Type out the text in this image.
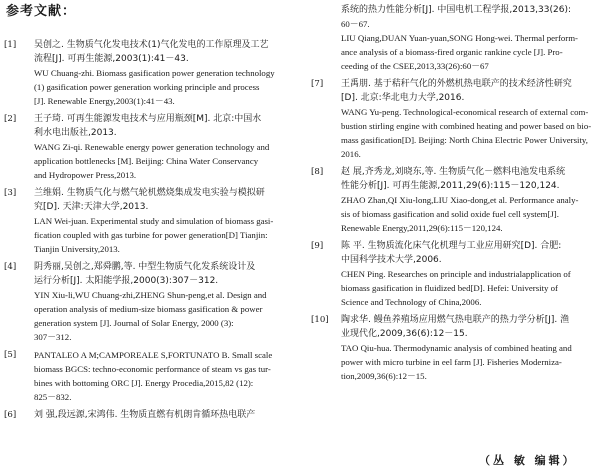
参考文献：
[1]	吴创之. 生物质气化发电技术(1)气化发电的工作原理及工艺
流程[J]. 可再生能源,2003(1):41－43.
WU Chuang-zhi. Biomass gasification power generation technology
(1) gasification power generation working principle and process
[J]. Renewable Energy,2003(1):41－43.
[2]	王子琦. 可再生能源发电技术与应用瓶颈[M]. 北京:中国水
利水电出版社,2013.
WANG Zi-qi. Renewable energy power generation technology and
application bottlenecks [M]. Beijing: China Water Conservancy
and Hydropower Press,2013.
[3]	兰维娟. 生物质气化与燃气轮机燃烧集成发电实验与模拟研
究[D]. 天津:天津大学,2013.
LAN Wei-juan. Experimental study and simulation of biomass gasi-
fication coupled with gas turbine for power generation[D] Tianjin:
Tianjin University,2013.
[4]	阴秀丽,吴创之,郑舜鹏,等. 中型生物质气化发系统设计及
运行分析[J]. 太阳能学报,2000(3):307－312.
YIN Xiu-li,WU Chuang-zhi,ZHENG Shun-peng,et al. Design and
operation analysis of medium-size biomass gasification & power
generation system [J]. Journal of Solar Energy, 2000 (3):
307－312.
[5]	PANTALEO A M;CAMPOREALE S,FORTUNATO B. Small scale
biomass BGCS: techno-economic performance of steam vs gas tur-
bines with bottoming ORC [J]. Energy Procedia,2015,82 (12):
825－832.
[6]	刘 强,段远源,宋鸿伟. 生物质直燃有机朗肯循环热电联产
系统的热力性能分析[J]. 中国电机工程学报,2013,33(26):
60－67.
LIU Qiang,DUAN Yuan-yuan,SONG Hong-wei. Thermal perform-
ance analysis of a biomass-fired organic rankine cycle [J]. Pro-
ceeding of the CSEE,2013,33(26):60－67
[7]	王禹朋. 基于秸秆气化的外燃机热电联产的技术经济性研究
[D]. 北京:华北电力大学,2016.
WANG Yu-peng. Technological-economical research of external com-
bustion stirling engine with combined heating and power based on bio-
mass gasification[D]. Beijing: North China Electric Power University,
2016.
[8]	赵 展,齐秀龙,刘晓东,等. 生物质气化－燃料电池发电系统
性能分析[J]. 可再生能源,2011,29(6):115－120,124.
ZHAO Zhan,QI Xiu-long,LIU Xiao-dong,et al. Performance analy-
sis of biomass gasification and solid oxide fuel cell system[J].
Renewable Energy,2011,29(6):115－120,124.
[9]	陈 平. 生物质流化床气化机理与工业应用研究[D]. 合肥:
中国科学技术大学,2006.
CHEN Ping. Researches on principle and industrialapplication of
biomass gasification in fluidized bed[D]. Hefei: University of
Science and Technology of China,2006.
[10]	陶求华. 鳗鱼养殖场应用燃气热电联产的热力学分析[J]. 渔
业现代化,2009,36(6):12－15.
TAO Qiu-hua. Thermodynamic analysis of combined heating and
power with micro turbine in eel farm [J]. Fisheries Moderniza-
tion,2009,36(6):12－15.
（丛 敏 编辑）
